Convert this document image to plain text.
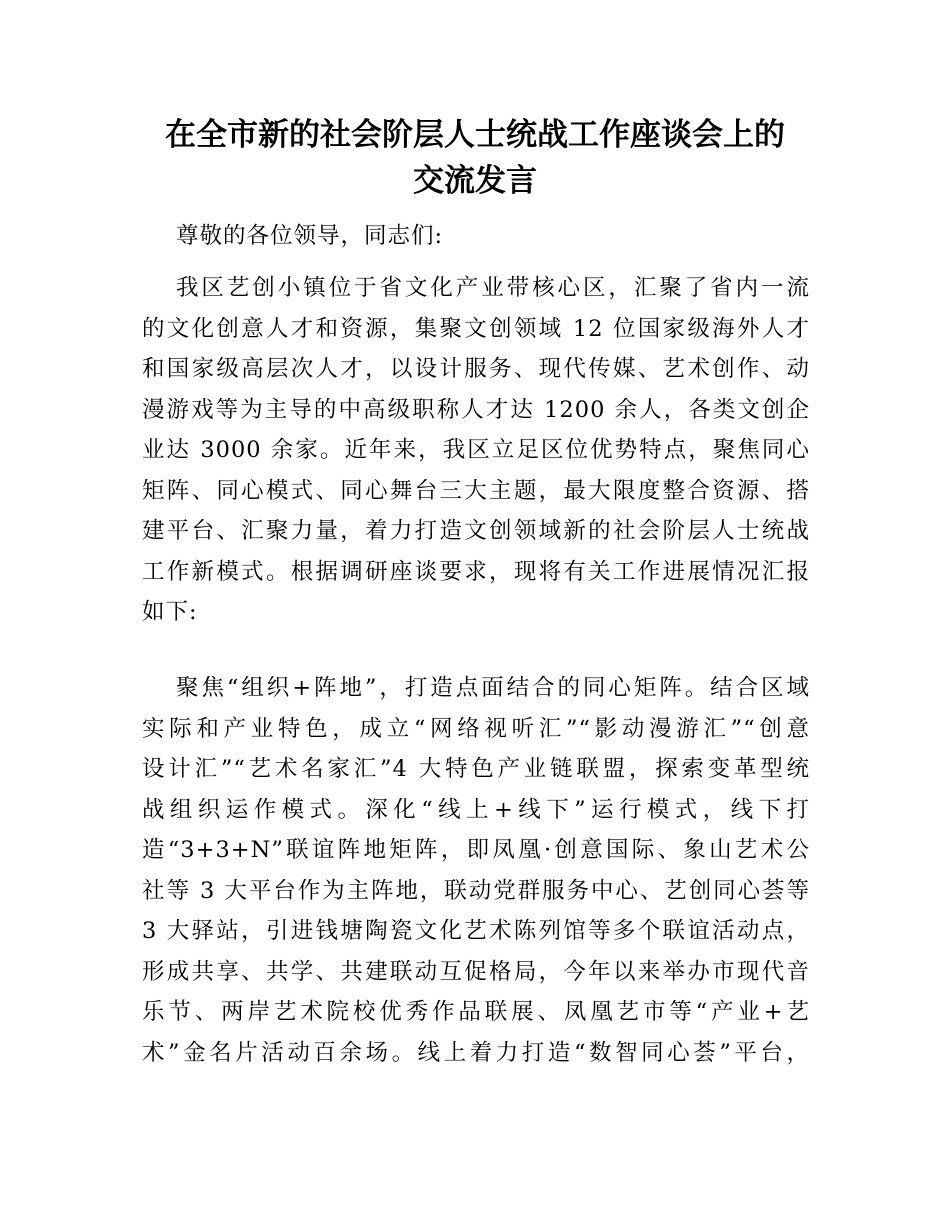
在全市新的社会阶层人士统战工作座谈会上的
交流发言
尊敬的各位领导，同志们:
我区艺创小镇位于省文化产业带核心区，汇聚了省内一流
的文化创意人才和资源，集聚文创领域 12 位国家级海外人才
和国家级高层次人才，以设计服务、现代传媒、艺术创作、动
漫游戏等为主导的中高级职称人才达 1200 余人，各类文创企
业达 3000 余家。近年来，我区立足区位优势特点，聚焦同心
矩阵、同心模式、同心舞台三大主题，最大限度整合资源、搭
建平台、汇聚力量，着力打造文创领域新的社会阶层人士统战
工作新模式。根据调研座谈要求，现将有关工作进展情况汇报
如下:
聚焦“组织+阵地”，打造点面结合的同心矩阵。结合区域
实际和产业特色，成立“网络视听汇”“影动漫游汇”“创意
设计汇”“艺术名家汇”4 大特色产业链联盟，探索变革型统
战组织运作模式。深化“线上+线下”运行模式，线下打
造“3+3+N”联谊阵地矩阵，即凤凰·创意国际、象山艺术公
社等 3 大平台作为主阵地，联动党群服务中心、艺创同心荟等
3 大驿站，引进钱塘陶瓷文化艺术陈列馆等多个联谊活动点，
形成共享、共学、共建联动互促格局，今年以来举办市现代音
乐节、两岸艺术院校优秀作品联展、凤凰艺市等“产业+艺
术”金名片活动百余场。线上着力打造“数智同心荟”平台，
